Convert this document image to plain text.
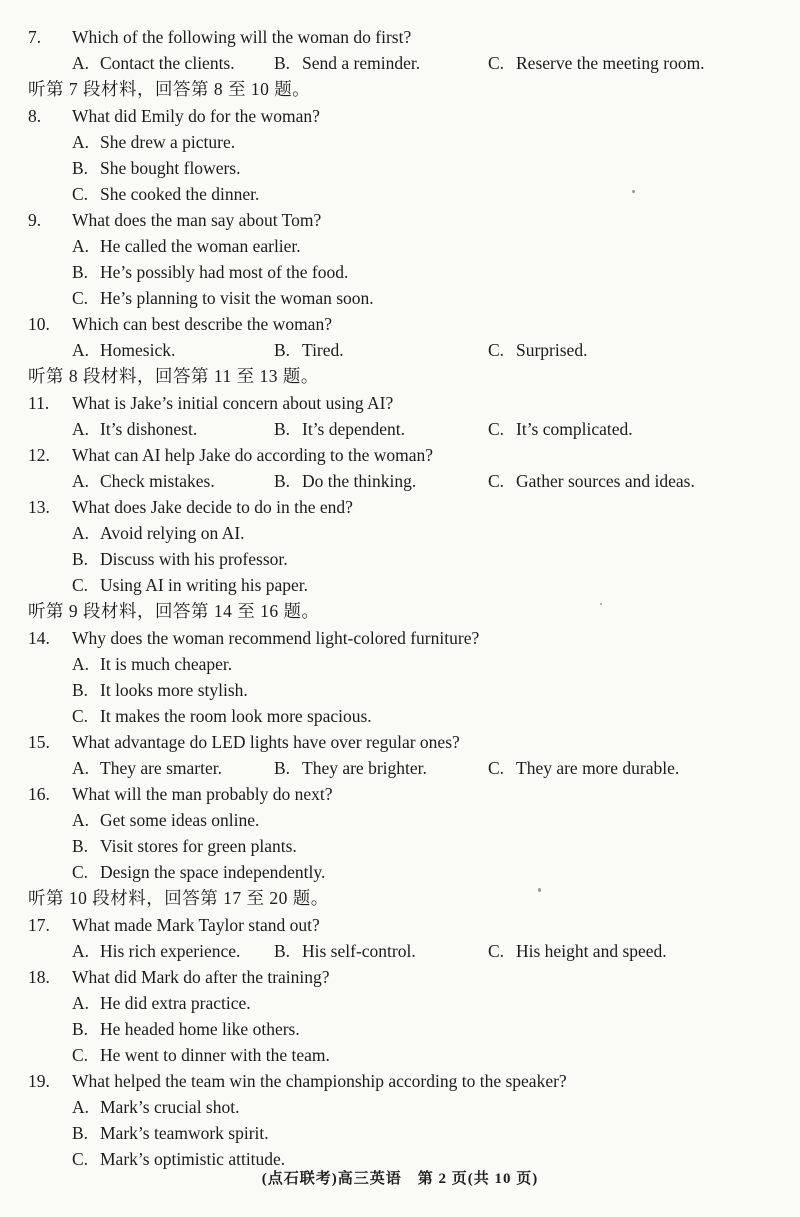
7.	Which of the following will the woman do first?
A. Contact the clients.	B. Send a reminder.	C. Reserve the meeting room.
听第 7 段材料，回答第 8 至 10 题。
8.	What did Emily do for the woman?
A. She drew a picture.
B. She bought flowers.
C. She cooked the dinner.
9.	What does the man say about Tom?
A. He called the woman earlier.
B. He’s possibly had most of the food.
C. He’s planning to visit the woman soon.
10.	Which can best describe the woman?
A. Homesick.	B. Tired.	C. Surprised.
听第 8 段材料，回答第 11 至 13 题。
11.	What is Jake’s initial concern about using AI?
A. It’s dishonest.	B. It’s dependent.	C. It’s complicated.
12.	What can AI help Jake do according to the woman?
A. Check mistakes.	B. Do the thinking.	C. Gather sources and ideas.
13.	What does Jake decide to do in the end?
A. Avoid relying on AI.
B. Discuss with his professor.
C. Using AI in writing his paper.
听第 9 段材料，回答第 14 至 16 题。
14.	Why does the woman recommend light-colored furniture?
A. It is much cheaper.
B. It looks more stylish.
C. It makes the room look more spacious.
15.	What advantage do LED lights have over regular ones?
A. They are smarter.	B. They are brighter.	C. They are more durable.
16.	What will the man probably do next?
A. Get some ideas online.
B. Visit stores for green plants.
C. Design the space independently.
听第 10 段材料，回答第 17 至 20 题。
17.	What made Mark Taylor stand out?
A. His rich experience.	B. His self-control.	C. His height and speed.
18.	What did Mark do after the training?
A. He did extra practice.
B. He headed home like others.
C. He went to dinner with the team.
19.	What helped the team win the championship according to the speaker?
A. Mark’s crucial shot.
B. Mark’s teamwork spirit.
C. Mark’s optimistic attitude.
(点石联考)高三英语　第 2 页(共 10 页)
